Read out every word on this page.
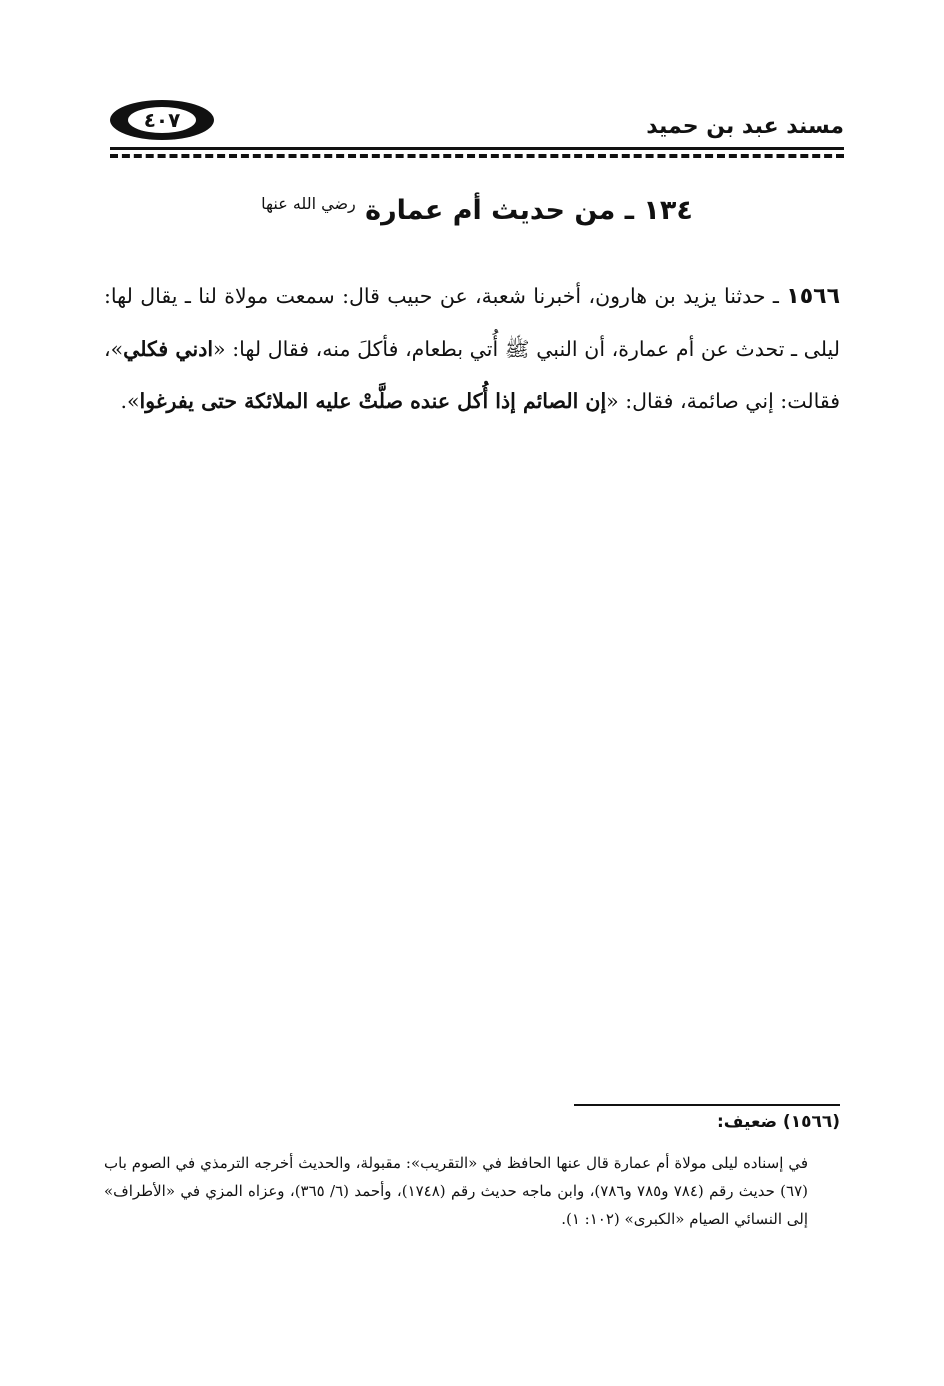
مسند عبد بن حميد
٤٠٧
١٣٤ ـ من حديث أم عمارة $^{رضي الله عنها}$

١٥٦٦ ـ حدثنا يزيد بن هارون، أخبرنا شعبة، عن حبيب قال: سمعت مولاة لنا ـ يقال لها: ليلى ـ تحدث عن أم عمارة، أن النبي ﷺ أُتي بطعام، فأكلَ منه، فقال لها: «ادني فكلي»، فقالت: إني صائمة، فقال: «إن الصائم إذا أُكل عنده صلَّتْ عليه الملائكة حتى يفرغوا».

(١٥٦٦) ضعيف:

في إسناده ليلى مولاة أم عمارة قال عنها الحافظ في «التقريب»: مقبولة، والحديث أخرجه الترمذي في الصوم باب (٦٧) حديث رقم (٧٨٤ و٧٨٥ و٧٨٦)، وابن ماجه حديث رقم (١٧٤٨)، وأحمد (٦/ ٣٦٥)، وعزاه المزي في «الأطراف» إلى النسائي الصيام «الكبرى» (١٠٢: ١).
